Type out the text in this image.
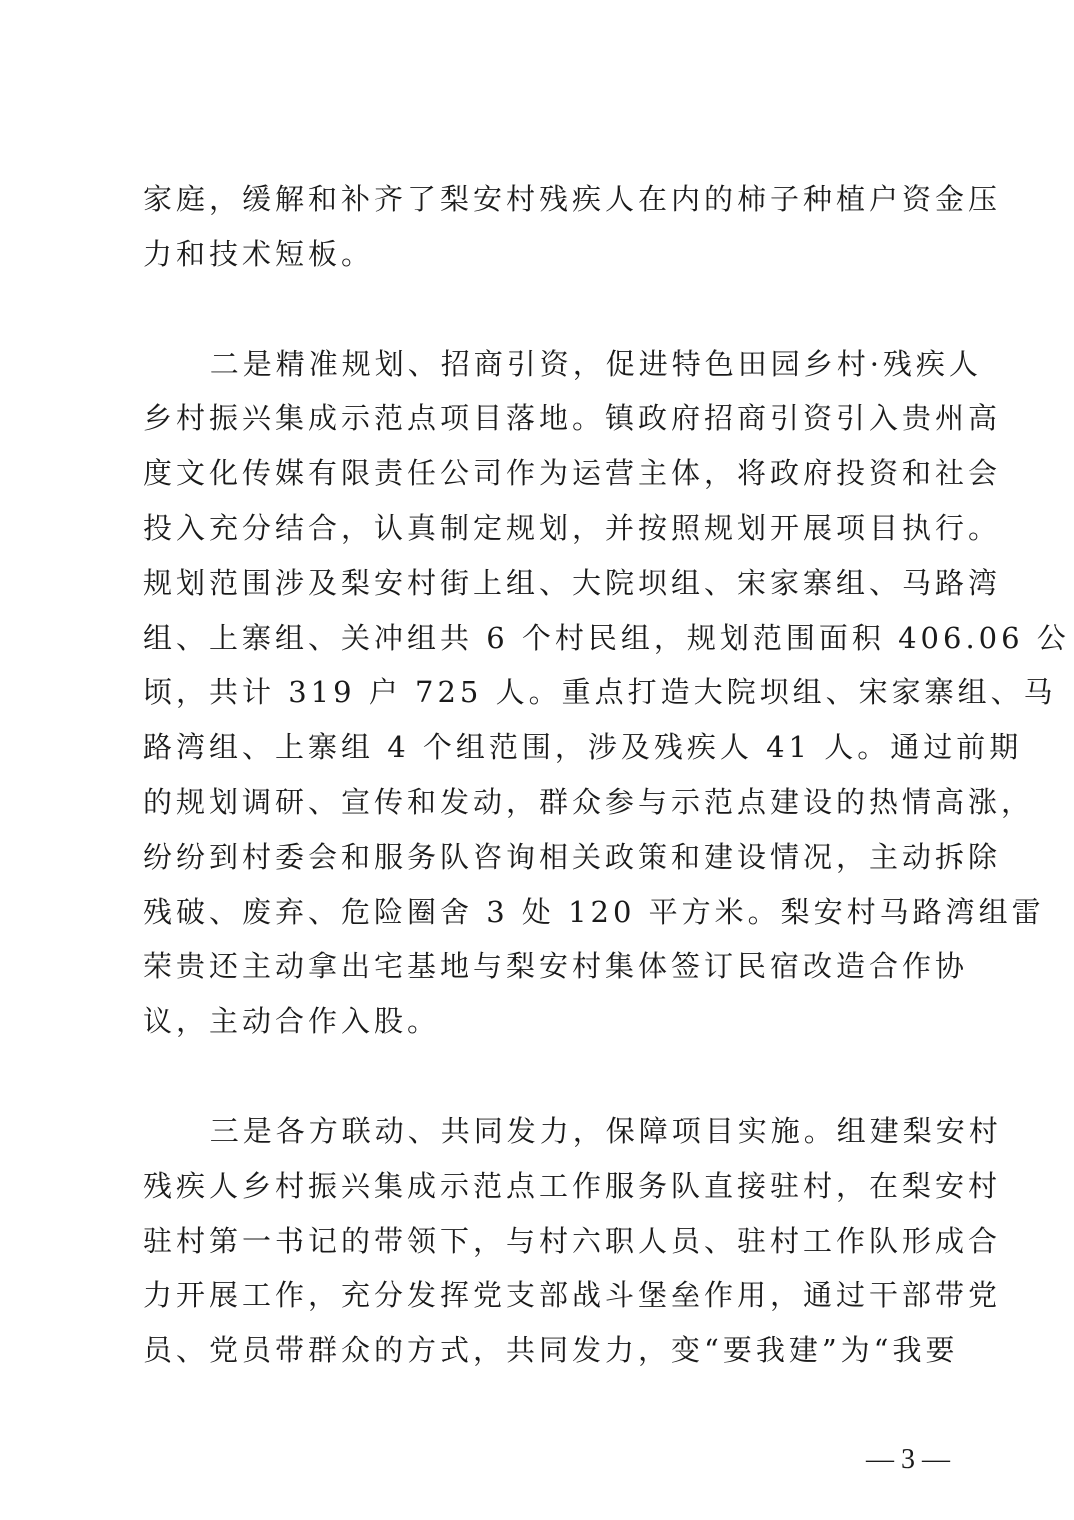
家庭，缓解和补齐了梨安村残疾人在内的柿子种植户资金压
力和技术短板。
二是精准规划、招商引资，促进特色田园乡村·残疾人
乡村振兴集成示范点项目落地。镇政府招商引资引入贵州高
度文化传媒有限责任公司作为运营主体，将政府投资和社会
投入充分结合，认真制定规划，并按照规划开展项目执行。
规划范围涉及梨安村街上组、大院坝组、宋家寨组、马路湾
组、上寨组、关冲组共 6 个村民组，规划范围面积 406.06 公
顷，共计 319 户 725 人。重点打造大院坝组、宋家寨组、马
路湾组、上寨组 4 个组范围，涉及残疾人 41 人。通过前期
的规划调研、宣传和发动，群众参与示范点建设的热情高涨，
纷纷到村委会和服务队咨询相关政策和建设情况，主动拆除
残破、废弃、危险圈舍 3 处 120 平方米。梨安村马路湾组雷
荣贵还主动拿出宅基地与梨安村集体签订民宿改造合作协
议，主动合作入股。
三是各方联动、共同发力，保障项目实施。组建梨安村
残疾人乡村振兴集成示范点工作服务队直接驻村，在梨安村
驻村第一书记的带领下，与村六职人员、驻村工作队形成合
力开展工作，充分发挥党支部战斗堡垒作用，通过干部带党
员、党员带群众的方式，共同发力，变“要我建”为“我要
— 3 —
